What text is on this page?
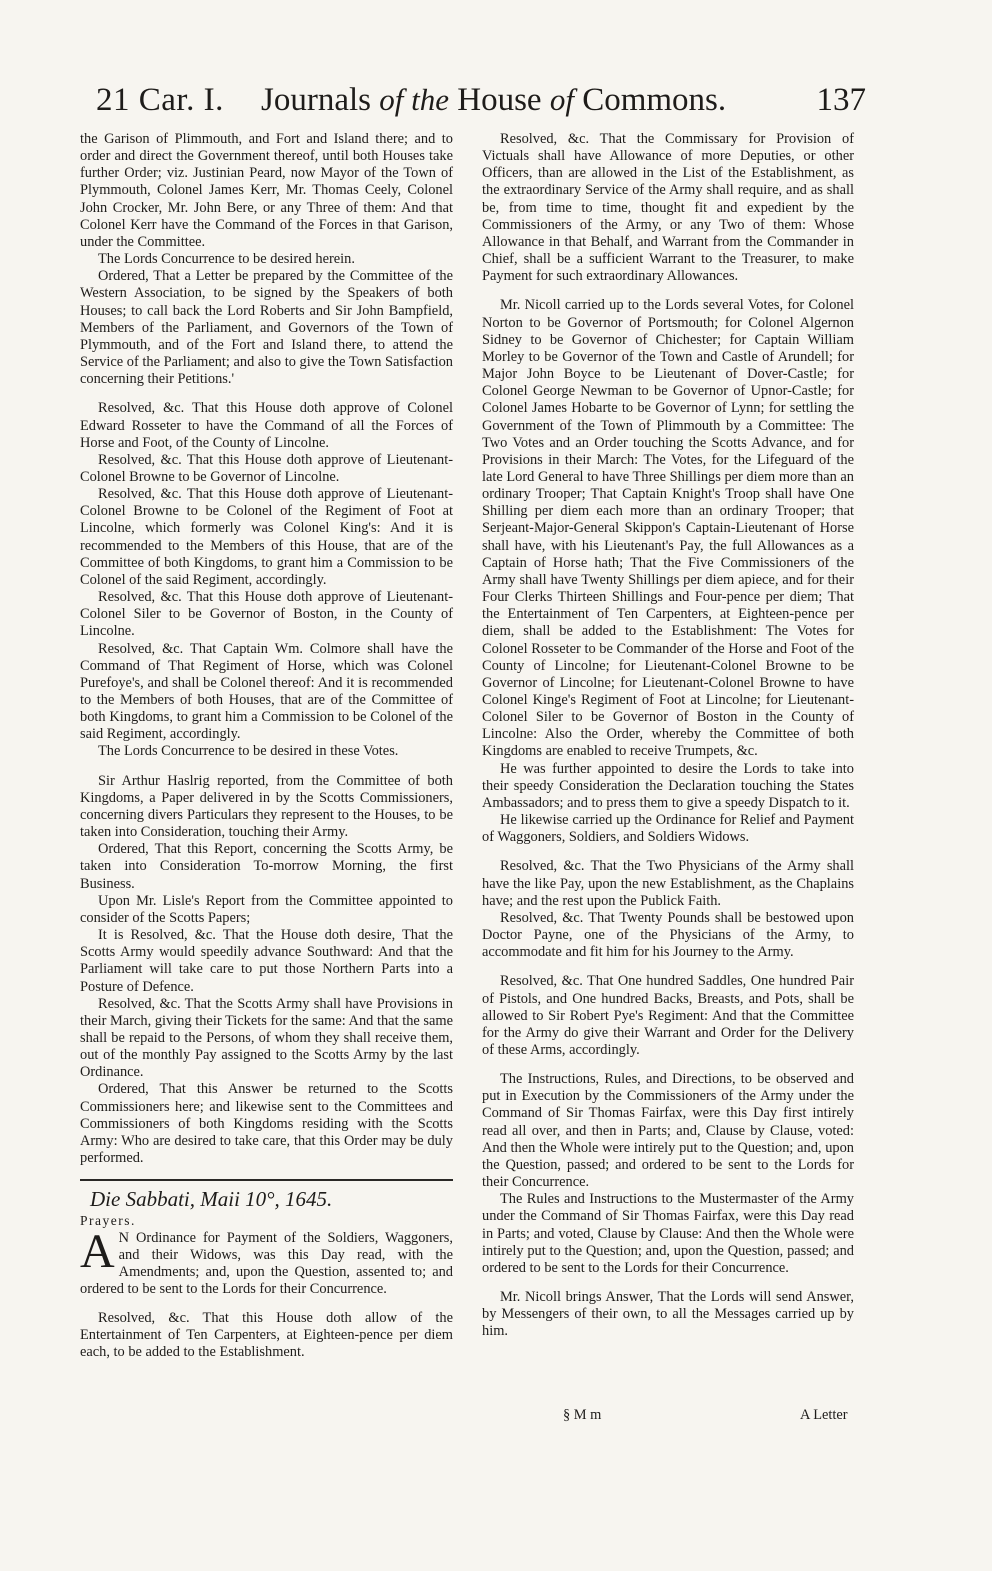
21 Car. I. Journals of the House of Commons.	137

the Garison of Plimmouth, and Fort and Island there; and to order and direct the Government thereof, until both Houses take further Order; viz. Justinian Peard, now Mayor of the Town of Plymmouth, Colonel James Kerr, Mr. Thomas Ceely, Colonel John Crocker, Mr. John Bere, or any Three of them: And that Colonel Kerr have the Command of the Forces in that Garison, under the Committee.

The Lords Concurrence to be desired herein.

Ordered, That a Letter be prepared by the Committee of the Western Association, to be signed by the Speakers of both Houses; to call back the Lord Roberts and Sir John Bampfield, Members of the Parliament, and Governors of the Town of Plymmouth, and of the Fort and Island there, to attend the Service of the Parliament; and also to give the Town Satisfaction concerning their Petitions.'

Resolved, &c. That this House doth approve of Colonel Edward Rosseter to have the Command of all the Forces of Horse and Foot, of the County of Lincolne.

Resolved, &c. That this House doth approve of Lieutenant-Colonel Browne to be Governor of Lincolne.

Resolved, &c. That this House doth approve of Lieutenant-Colonel Browne to be Colonel of the Regiment of Foot at Lincolne, which formerly was Colonel King's: And it is recommended to the Members of this House, that are of the Committee of both Kingdoms, to grant him a Commission to be Colonel of the said Regiment, accordingly.

Resolved, &c. That this House doth approve of Lieutenant-Colonel Siler to be Governor of Boston, in the County of Lincolne.

Resolved, &c. That Captain Wm. Colmore shall have the Command of That Regiment of Horse, which was Colonel Purefoye's, and shall be Colonel thereof: And it is recommended to the Members of both Houses, that are of the Committee of both Kingdoms, to grant him a Commission to be Colonel of the said Regiment, accordingly.

The Lords Concurrence to be desired in these Votes.

Sir Arthur Haslrig reported, from the Committee of both Kingdoms, a Paper delivered in by the Scotts Commissioners, concerning divers Particulars they represent to the Houses, to be taken into Consideration, touching their Army.

Ordered, That this Report, concerning the Scotts Army, be taken into Consideration To-morrow Morning, the first Business.

Upon Mr. Lisle's Report from the Committee appointed to consider of the Scotts Papers;

It is Resolved, &c. That the House doth desire, That the Scotts Army would speedily advance Southward: And that the Parliament will take care to put those Northern Parts into a Posture of Defence.

Resolved, &c. That the Scotts Army shall have Provisions in their March, giving their Tickets for the same: And that the same shall be repaid to the Persons, of whom they shall receive them, out of the monthly Pay assigned to the Scotts Army by the last Ordinance.

Ordered, That this Answer be returned to the Scotts Commissioners here; and likewise sent to the Committees and Commissioners of both Kingdoms residing with the Scotts Army: Who are desired to take care, that this Order may be duly performed.

Die Sabbati, Maii 10°, 1645.

Prayers.

A N Ordinance for Payment of the Soldiers, Waggoners, and their Widows, was this Day read, with the Amendments; and, upon the Question, assented to; and ordered to be sent to the Lords for their Concurrence.

Resolved, &c. That this House doth allow of the Entertainment of Ten Carpenters, at Eighteen-pence per diem each, to be added to the Establishment.

Resolved, &c. That the Commissary for Provision of Victuals shall have Allowance of more Deputies, or other Officers, than are allowed in the List of the Establishment, as the extraordinary Service of the Army shall require, and as shall be, from time to time, thought fit and expedient by the Commissioners of the Army, or any Two of them: Whose Allowance in that Behalf, and Warrant from the Commander in Chief, shall be a sufficient Warrant to the Treasurer, to make Payment for such extraordinary Allowances.

Mr. Nicoll carried up to the Lords several Votes, for Colonel Norton to be Governor of Portsmouth; for Colonel Algernon Sidney to be Governor of Chichester; for Captain William Morley to be Governor of the Town and Castle of Arundell; for Major John Boyce to be Lieutenant of Dover-Castle; for Colonel George Newman to be Governor of Upnor-Castle; for Colonel James Hobarte to be Governor of Lynn; for settling the Government of the Town of Plimmouth by a Committee: The Two Votes and an Order touching the Scotts Advance, and for Provisions in their March: The Votes, for the Lifeguard of the late Lord General to have Three Shillings per diem more than an ordinary Trooper; That Captain Knight's Troop shall have One Shilling per diem each more than an ordinary Trooper; that Serjeant-Major-General Skippon's Captain-Lieutenant of Horse shall have, with his Lieutenant's Pay, the full Allowances as a Captain of Horse hath; That the Five Commissioners of the Army shall have Twenty Shillings per diem apiece, and for their Four Clerks Thirteen Shillings and Four-pence per diem; That the Entertainment of Ten Carpenters, at Eighteen-pence per diem, shall be added to the Establishment: The Votes for Colonel Rosseter to be Commander of the Horse and Foot of the County of Lincolne; for Lieutenant-Colonel Browne to be Governor of Lincolne; for Lieutenant-Colonel Browne to have Colonel Kinge's Regiment of Foot at Lincolne; for Lieutenant-Colonel Siler to be Governor of Boston in the County of Lincolne: Also the Order, whereby the Committee of both Kingdoms are enabled to receive Trumpets, &c.

He was further appointed to desire the Lords to take into their speedy Consideration the Declaration touching the States Ambassadors; and to press them to give a speedy Dispatch to it.

He likewise carried up the Ordinance for Relief and Payment of Waggoners, Soldiers, and Soldiers Widows.

Resolved, &c. That the Two Physicians of the Army shall have the like Pay, upon the new Establishment, as the Chaplains have; and the rest upon the Publick Faith.

Resolved, &c. That Twenty Pounds shall be bestowed upon Doctor Payne, one of the Physicians of the Army, to accommodate and fit him for his Journey to the Army.

Resolved, &c. That One hundred Saddles, One hundred Pair of Pistols, and One hundred Backs, Breasts, and Pots, shall be allowed to Sir Robert Pye's Regiment: And that the Committee for the Army do give their Warrant and Order for the Delivery of these Arms, accordingly.

The Instructions, Rules, and Directions, to be observed and put in Execution by the Commissioners of the Army under the Command of Sir Thomas Fairfax, were this Day first intirely read all over, and then in Parts; and, Clause by Clause, voted: And then the Whole were intirely put to the Question; and, upon the Question, passed; and ordered to be sent to the Lords for their Concurrence.

The Rules and Instructions to the Mustermaster of the Army under the Command of Sir Thomas Fairfax, were this Day read in Parts; and voted, Clause by Clause: And then the Whole were intirely put to the Question; and, upon the Question, passed; and ordered to be sent to the Lords for their Concurrence.

Mr. Nicoll brings Answer, That the Lords will send Answer, by Messengers of their own, to all the Messages carried up by him.

§ M m	A Letter
